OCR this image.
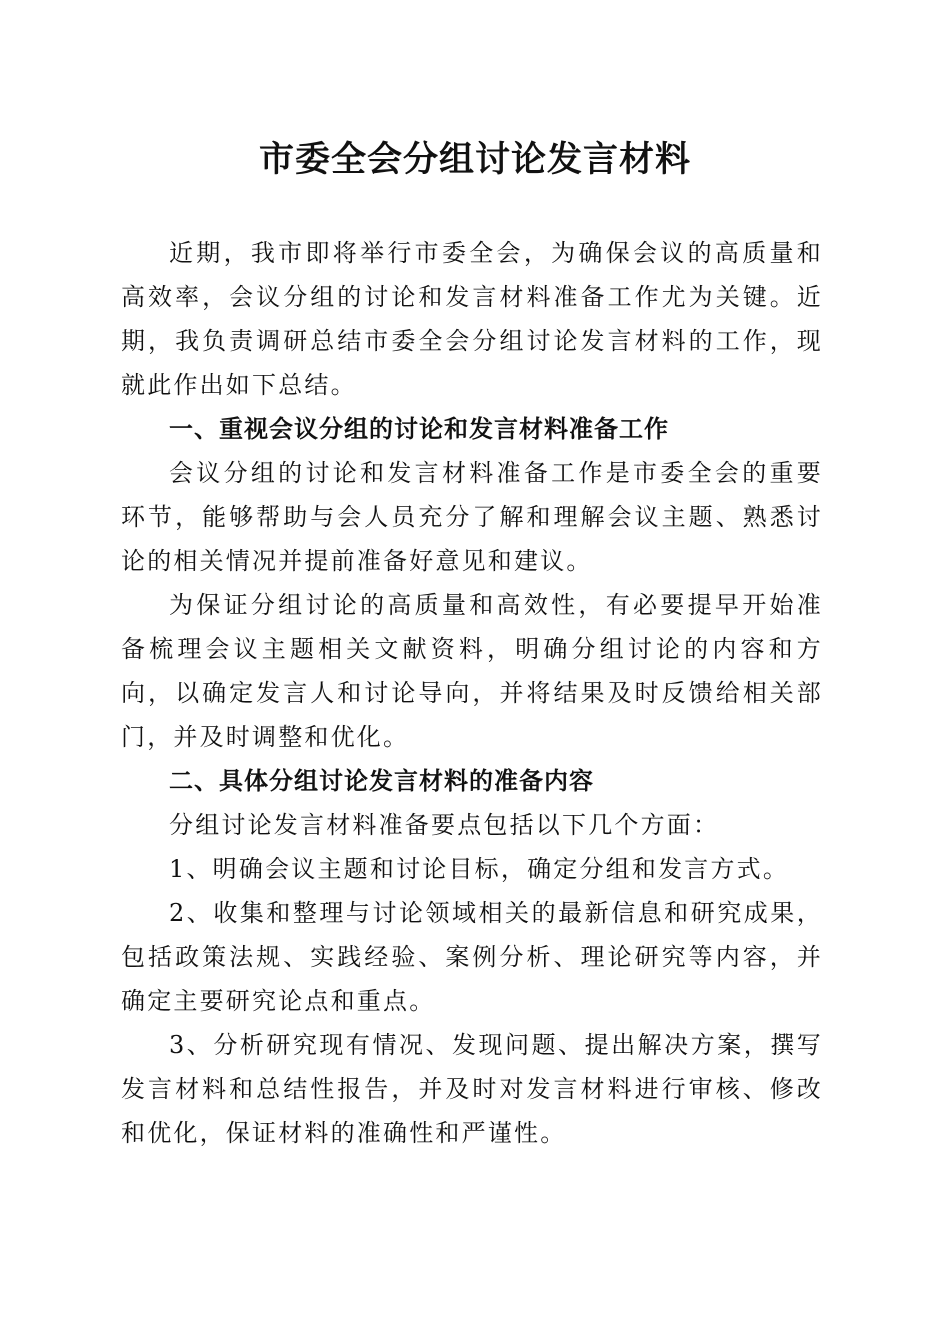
市委全会分组讨论发言材料

近期，我市即将举行市委全会，为确保会议的高质量和高效率，会议分组的讨论和发言材料准备工作尤为关键。近期，我负责调研总结市委全会分组讨论发言材料的工作，现就此作出如下总结。

一、重视会议分组的讨论和发言材料准备工作

会议分组的讨论和发言材料准备工作是市委全会的重要环节，能够帮助与会人员充分了解和理解会议主题、熟悉讨论的相关情况并提前准备好意见和建议。

为保证分组讨论的高质量和高效性，有必要提早开始准备梳理会议主题相关文献资料，明确分组讨论的内容和方向，以确定发言人和讨论导向，并将结果及时反馈给相关部门，并及时调整和优化。

二、具体分组讨论发言材料的准备内容

分组讨论发言材料准备要点包括以下几个方面：

1、明确会议主题和讨论目标，确定分组和发言方式。

2、收集和整理与讨论领域相关的最新信息和研究成果，包括政策法规、实践经验、案例分析、理论研究等内容，并确定主要研究论点和重点。

3、分析研究现有情况、发现问题、提出解决方案，撰写发言材料和总结性报告，并及时对发言材料进行审核、修改和优化，保证材料的准确性和严谨性。
